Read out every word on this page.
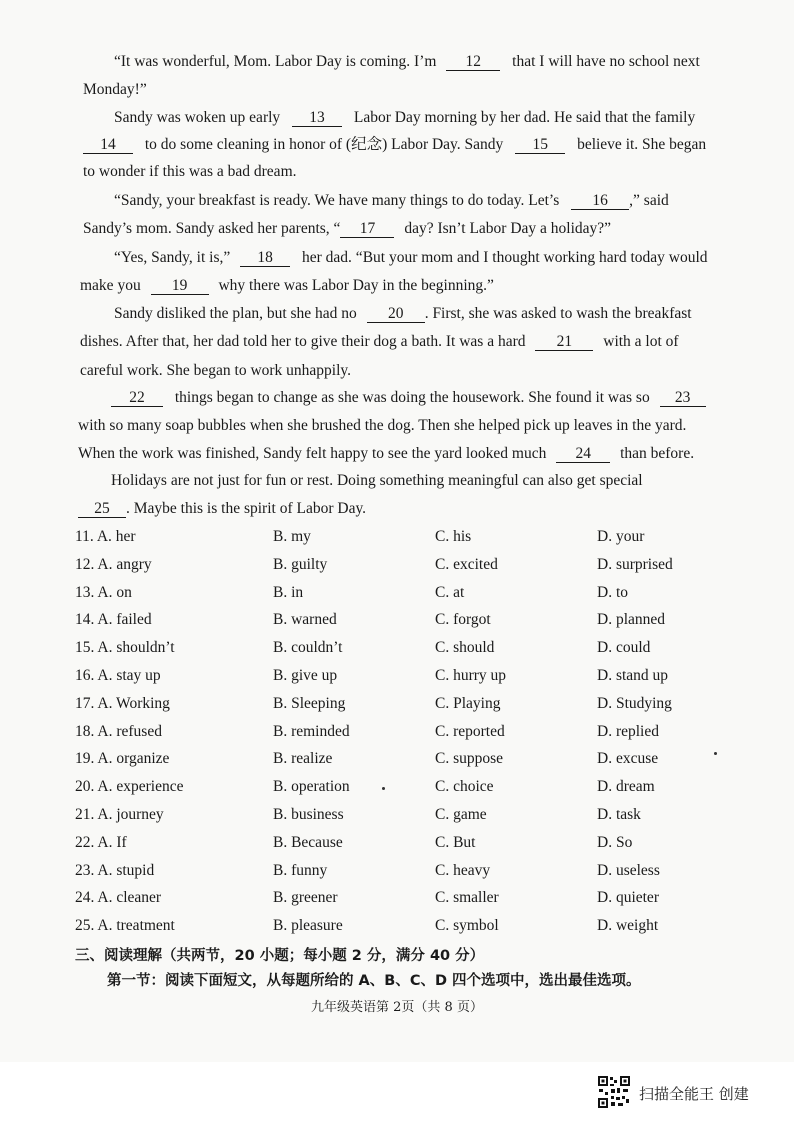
“It was wonderful, Mom. Labor Day is coming. I’m 12 that I will have no school next
Monday!”
Sandy was woken up early 13 Labor Day morning by her dad. He said that the family
14 to do some cleaning in honor of (纪念) Labor Day. Sandy 15 believe it. She began
to wonder if this was a bad dream.
“Sandy, your breakfast is ready. We have many things to do today. Let’s 16 ,” said
Sandy’s mom. Sandy asked her parents, “ 17 day? Isn’t Labor Day a holiday?”
“Yes, Sandy, it is,” 18 her dad. “But your mom and I thought working hard today would
make you 19 why there was Labor Day in the beginning.”
Sandy disliked the plan, but she had no 20 . First, she was asked to wash the breakfast
dishes. After that, her dad told her to give their dog a bath. It was a hard 21 with a lot of
careful work. She began to work unhappily.
22 things began to change as she was doing the housework. She found it was so 23
with so many soap bubbles when she brushed the dog. Then she helped pick up leaves in the yard.
When the work was finished, Sandy felt happy to see the yard looked much 24 than before.
Holidays are not just for fun or rest. Doing something meaningful can also get special
25 . Maybe this is the spirit of Labor Day.
11. A. her	B. my	C. his	D. your
12. A. angry	B. guilty	C. excited	D. surprised
13. A. on	B. in	C. at	D. to
14. A. failed	B. warned	C. forgot	D. planned
15. A. shouldn’t	B. couldn’t	C. should	D. could
16. A. stay up	B. give up	C. hurry up	D. stand up
17. A. Working	B. Sleeping	C. Playing	D. Studying
18. A. refused	B. reminded	C. reported	D. replied
19. A. organize	B. realize	C. suppose	D. excuse
20. A. experience	B. operation	C. choice	D. dream
21. A. journey	B. business	C. game	D. task
22. A. If	B. Because	C. But	D. So
23. A. stupid	B. funny	C. heavy	D. useless
24. A. cleaner	B. greener	C. smaller	D. quieter
25. A. treatment	B. pleasure	C. symbol	D. weight
三、阅读理解（共两节，20 小题；每小题 2 分，满分 40 分）
第一节：阅读下面短文，从每题所给的 A、B、C、D 四个选项中，选出最佳选项。
九年级英语第 2页（共 8 页）
扫描全能王 创建
